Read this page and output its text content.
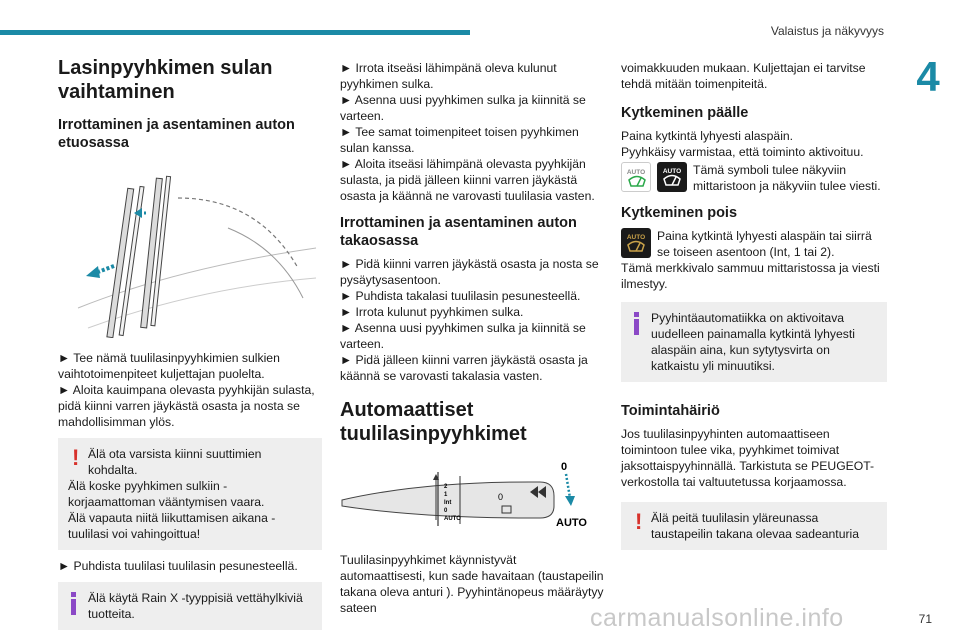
Valaistus ja näkyvyys
4
Lasinpyyhkimen sulan vaihtaminen
Irrottaminen ja asentaminen auton etuosassa

► Tee nämä tuulilasinpyyhkimien sulkien vaihtotoimenpiteet kuljettajan puolelta.

► Aloita kauimpana olevasta pyyhkijän sulasta, pidä kiinni varren jäykästä osasta ja nosta se mahdollisimman ylös.

! Älä ota varsista kiinni suuttimien kohdalta.

Älä koske pyyhkimen sulkiin -

korjaamattoman vääntymisen vaara.

Älä vapauta niitä liikuttamisen aikana -

tuulilasi voi vahingoittua!

► Puhdista tuulilasi tuulilasin pesunesteellä.

Älä käytä Rain X -tyyppisiä vettähylkiviä tuotteita.

► Irrota itseäsi lähimpänä oleva kulunut pyyhkimen sulka.

► Asenna uusi pyyhkimen sulka ja kiinnitä se varteen.

► Tee samat toimenpiteet toisen pyyhkimen sulan kanssa.

► Aloita itseäsi lähimpänä olevasta pyyhkijän sulasta, ja pidä jälleen kiinni varren jäykästä osasta ja käännä ne varovasti tuulilasia vasten.

Irrottaminen ja asentaminen auton takaosassa

► Pidä kiinni varren jäykästä osasta ja nosta se pysäytysasentoon.

► Puhdista takalasi tuulilasin pesunesteellä.

► Irrota kulunut pyyhkimen sulka.

► Asenna uusi pyyhkimen sulka ja kiinnitä se varteen.

► Pidä jälleen kiinni varren jäykästä osasta ja käännä se varovasti takalasia vasten.

Automaattiset tuulilasinpyyhkimet
2
1
Int
0
AUTO
0
0
AUTO

Tuulilasinpyyhkimet käynnistyvät automaattisesti, kun sade havaitaan (taustapeilin takana oleva anturi ). Pyyhintänopeus määräytyy sateen

voimakkuuden mukaan. Kuljettajan ei tarvitse tehdä mitään toimenpiteitä.

Kytkeminen päälle

Paina kytkintä lyhyesti alaspäin.

Pyyhkäisy varmistaa, että toiminto aktivoituu.

AUTO	AUTO Tämä symboli tulee näkyviin mittaristoon ja näkyviin tulee viesti.

Kytkeminen pois
AUTO Paina kytkintä lyhyesti alaspäin tai siirrä se toiseen asentoon (Int, 1 tai 2).

Tämä merkkivalo sammuu mittaristossa ja viesti ilmestyy.

Pyyhintäautomatiikka on aktivoitava uudelleen painamalla kytkintä lyhyesti alaspäin aina, kun sytytysvirta on katkaistu yli minuutiksi.

Toimintahäiriö

Jos tuulilasinpyyhinten automaattiseen toimintoon tulee vika, pyyhkimet toimivat jaksottaispyyhinnällä. Tarkistuta se PEUGEOT-verkostolla tai valtuutetussa korjaamossa.

! Älä peitä tuulilasin yläreunassa taustapeilin takana olevaa sadeanturia

carmanualsonline.info	71
